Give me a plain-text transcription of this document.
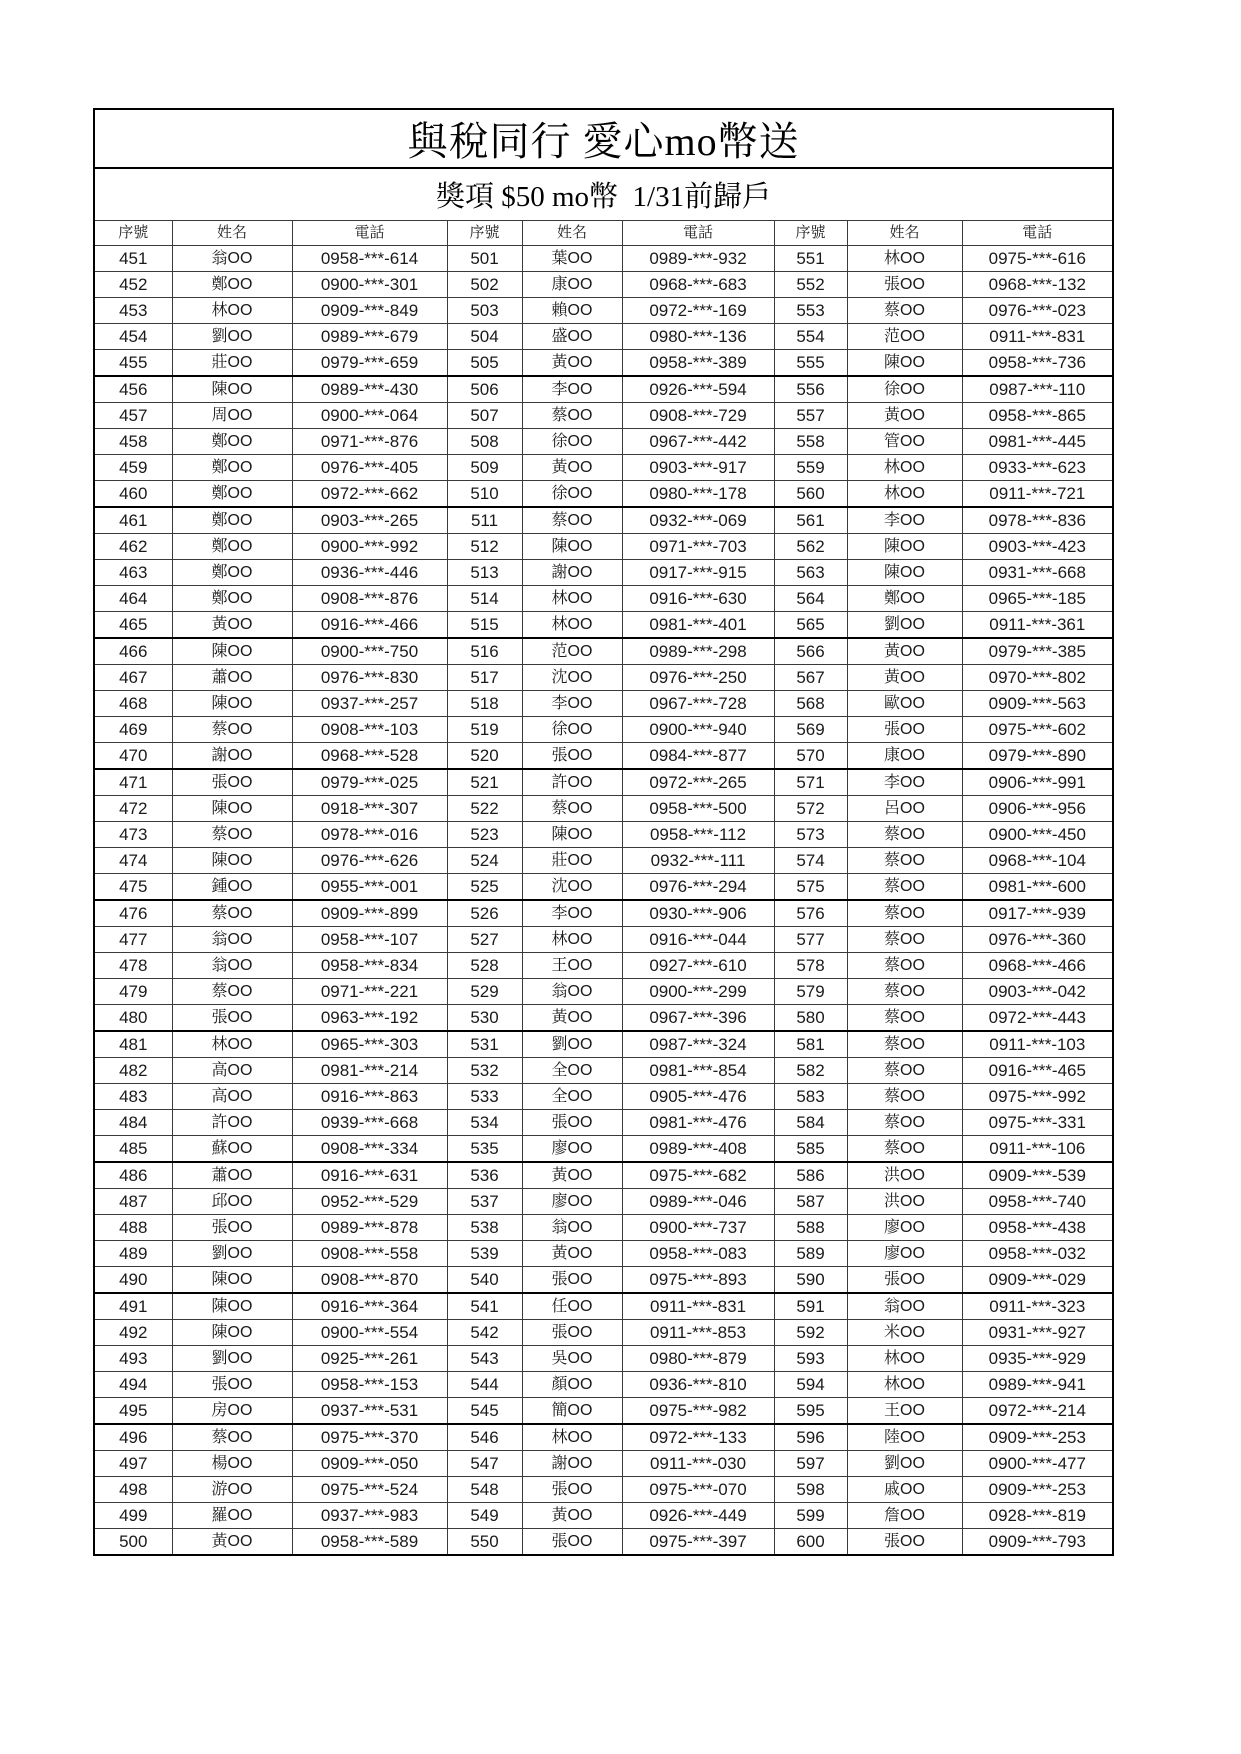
與稅同行 愛心mo幣送								
獎項 $50 mo幣  1/31前歸戶								
序號	姓名	電話	序號	姓名	電話	序號	姓名	電話
451	翁OO	0958-***-614	501	葉OO	0989-***-932	551	林OO	0975-***-616
452	鄭OO	0900-***-301	502	康OO	0968-***-683	552	張OO	0968-***-132
453	林OO	0909-***-849	503	賴OO	0972-***-169	553	蔡OO	0976-***-023
454	劉OO	0989-***-679	504	盛OO	0980-***-136	554	范OO	0911-***-831
455	莊OO	0979-***-659	505	黃OO	0958-***-389	555	陳OO	0958-***-736
456	陳OO	0989-***-430	506	李OO	0926-***-594	556	徐OO	0987-***-110
457	周OO	0900-***-064	507	蔡OO	0908-***-729	557	黃OO	0958-***-865
458	鄭OO	0971-***-876	508	徐OO	0967-***-442	558	管OO	0981-***-445
459	鄭OO	0976-***-405	509	黃OO	0903-***-917	559	林OO	0933-***-623
460	鄭OO	0972-***-662	510	徐OO	0980-***-178	560	林OO	0911-***-721
461	鄭OO	0903-***-265	511	蔡OO	0932-***-069	561	李OO	0978-***-836
462	鄭OO	0900-***-992	512	陳OO	0971-***-703	562	陳OO	0903-***-423
463	鄭OO	0936-***-446	513	謝OO	0917-***-915	563	陳OO	0931-***-668
464	鄭OO	0908-***-876	514	林OO	0916-***-630	564	鄭OO	0965-***-185
465	黃OO	0916-***-466	515	林OO	0981-***-401	565	劉OO	0911-***-361
466	陳OO	0900-***-750	516	范OO	0989-***-298	566	黃OO	0979-***-385
467	蕭OO	0976-***-830	517	沈OO	0976-***-250	567	黃OO	0970-***-802
468	陳OO	0937-***-257	518	李OO	0967-***-728	568	歐OO	0909-***-563
469	蔡OO	0908-***-103	519	徐OO	0900-***-940	569	張OO	0975-***-602
470	謝OO	0968-***-528	520	張OO	0984-***-877	570	康OO	0979-***-890
471	張OO	0979-***-025	521	許OO	0972-***-265	571	李OO	0906-***-991
472	陳OO	0918-***-307	522	蔡OO	0958-***-500	572	呂OO	0906-***-956
473	蔡OO	0978-***-016	523	陳OO	0958-***-112	573	蔡OO	0900-***-450
474	陳OO	0976-***-626	524	莊OO	0932-***-111	574	蔡OO	0968-***-104
475	鍾OO	0955-***-001	525	沈OO	0976-***-294	575	蔡OO	0981-***-600
476	蔡OO	0909-***-899	526	李OO	0930-***-906	576	蔡OO	0917-***-939
477	翁OO	0958-***-107	527	林OO	0916-***-044	577	蔡OO	0976-***-360
478	翁OO	0958-***-834	528	王OO	0927-***-610	578	蔡OO	0968-***-466
479	蔡OO	0971-***-221	529	翁OO	0900-***-299	579	蔡OO	0903-***-042
480	張OO	0963-***-192	530	黃OO	0967-***-396	580	蔡OO	0972-***-443
481	林OO	0965-***-303	531	劉OO	0987-***-324	581	蔡OO	0911-***-103
482	高OO	0981-***-214	532	全OO	0981-***-854	582	蔡OO	0916-***-465
483	高OO	0916-***-863	533	全OO	0905-***-476	583	蔡OO	0975-***-992
484	許OO	0939-***-668	534	張OO	0981-***-476	584	蔡OO	0975-***-331
485	蘇OO	0908-***-334	535	廖OO	0989-***-408	585	蔡OO	0911-***-106
486	蕭OO	0916-***-631	536	黃OO	0975-***-682	586	洪OO	0909-***-539
487	邱OO	0952-***-529	537	廖OO	0989-***-046	587	洪OO	0958-***-740
488	張OO	0989-***-878	538	翁OO	0900-***-737	588	廖OO	0958-***-438
489	劉OO	0908-***-558	539	黃OO	0958-***-083	589	廖OO	0958-***-032
490	陳OO	0908-***-870	540	張OO	0975-***-893	590	張OO	0909-***-029
491	陳OO	0916-***-364	541	任OO	0911-***-831	591	翁OO	0911-***-323
492	陳OO	0900-***-554	542	張OO	0911-***-853	592	米OO	0931-***-927
493	劉OO	0925-***-261	543	吳OO	0980-***-879	593	林OO	0935-***-929
494	張OO	0958-***-153	544	顏OO	0936-***-810	594	林OO	0989-***-941
495	房OO	0937-***-531	545	簡OO	0975-***-982	595	王OO	0972-***-214
496	蔡OO	0975-***-370	546	林OO	0972-***-133	596	陸OO	0909-***-253
497	楊OO	0909-***-050	547	謝OO	0911-***-030	597	劉OO	0900-***-477
498	游OO	0975-***-524	548	張OO	0975-***-070	598	戚OO	0909-***-253
499	羅OO	0937-***-983	549	黃OO	0926-***-449	599	詹OO	0928-***-819
500	黃OO	0958-***-589	550	張OO	0975-***-397	600	張OO	0909-***-793
